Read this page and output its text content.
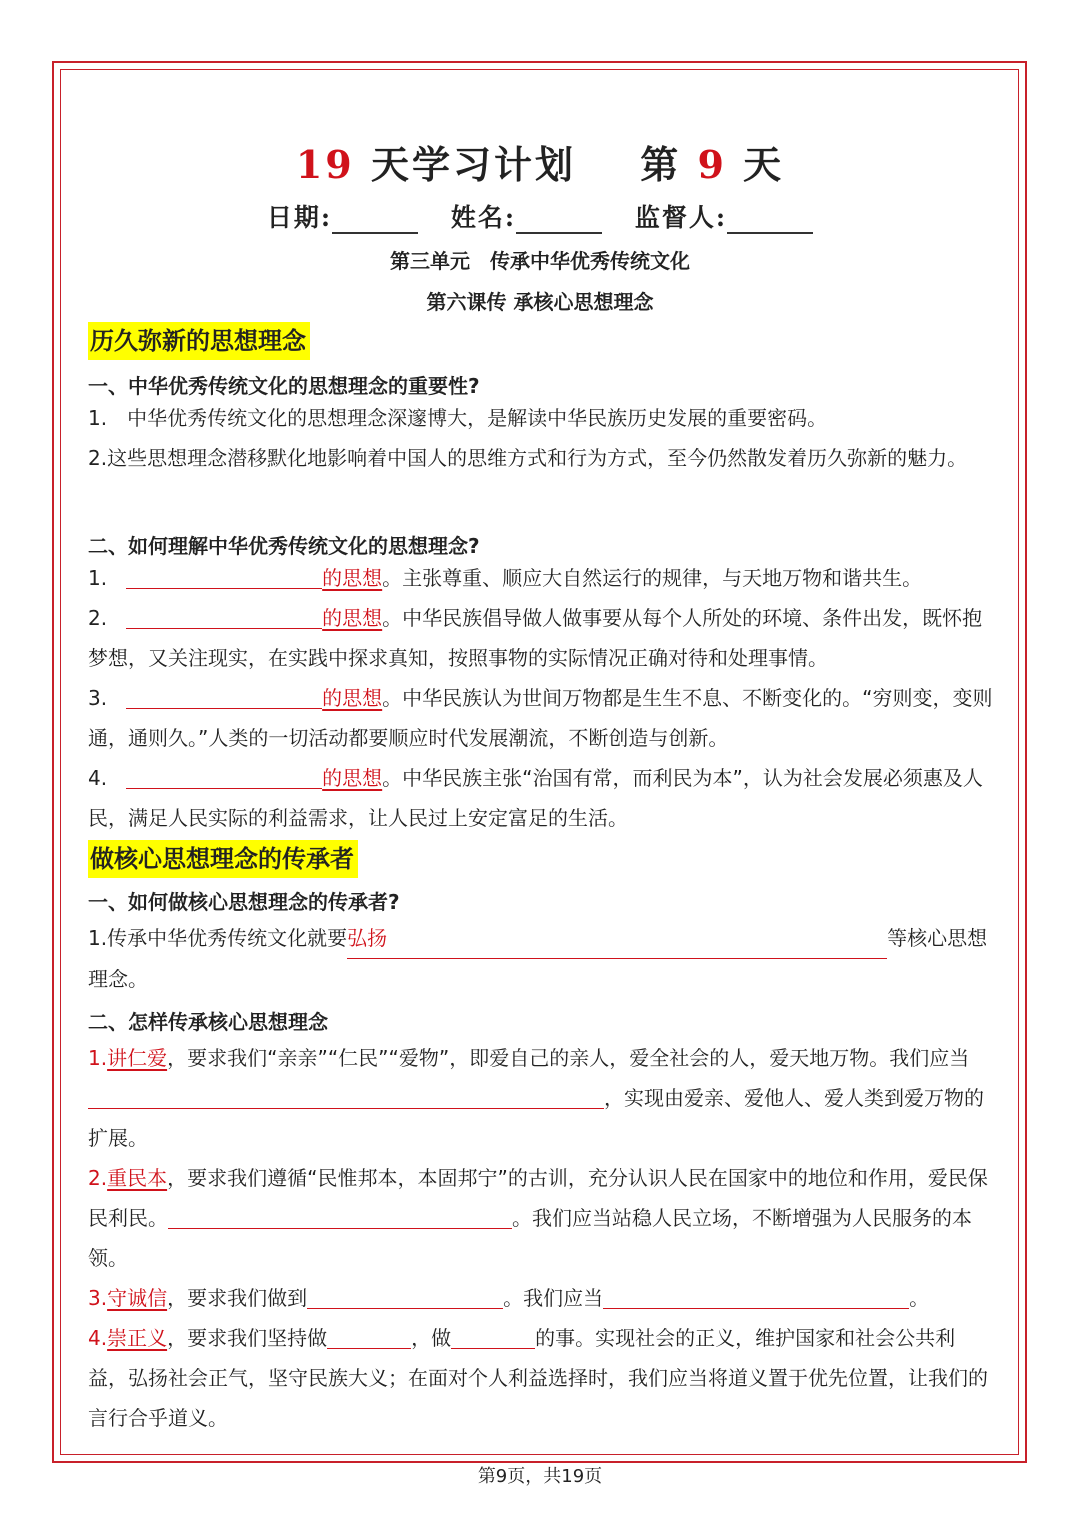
19 天学习计划 第 9 天
日期:	姓名:	监督人:
第三单元　传承中华优秀传统文化
第六课传 承核心思想理念
历久弥新的思想理念
一、中华优秀传统文化的思想理念的重要性?
1.　中华优秀传统文化的思想理念深邃博大，是解读中华民族历史发展的重要密码。
2.这些思想理念潜移默化地影响着中国人的思维方式和行为方式，至今仍然散发着历久弥新的魅力。
二、如何理解中华优秀传统文化的思想理念?
1.	的思想。主张尊重、顺应大自然运行的规律，与天地万物和谐共生。
2.	的思想。中华民族倡导做人做事要从每个人所处的环境、条件出发，既怀抱梦想，又关注现实，在实践中探求真知，按照事物的实际情况正确对待和处理事情。
3.	的思想。中华民族认为世间万物都是生生不息、不断变化的。“穷则变，变则通，通则久。”人类的一切活动都要顺应时代发展潮流，不断创造与创新。
4.	的思想。中华民族主张“治国有常，而利民为本”，认为社会发展必须惠及人民，满足人民实际的利益需求，让人民过上安定富足的生活。
做核心思想理念的传承者
一、如何做核心思想理念的传承者?
1.传承中华优秀传统文化就要弘扬	等核心思想理念。
二、怎样传承核心思想理念
1.讲仁爱，要求我们“亲亲”“仁民”“爱物”，即爱自己的亲人，爱全社会的人，爱天地万物。我们应当，实现由爱亲、爱他人、爱人类到爱万物的扩展。
2.重民本，要求我们遵循“民惟邦本，本固邦宁”的古训，充分认识人民在国家中的地位和作用，爱民保民利民。	。我们应当站稳人民立场，不断增强为人民服务的本领。
3.守诚信，要求我们做到	。我们应当	。
4.崇正义，要求我们坚持做	，做	的事。实现社会的正义，维护国家和社会公共利益，弘扬社会正气，坚守民族大义；在面对个人利益选择时，我们应当将道义置于优先位置，让我们的言行合乎道义。
第9页，共19页
